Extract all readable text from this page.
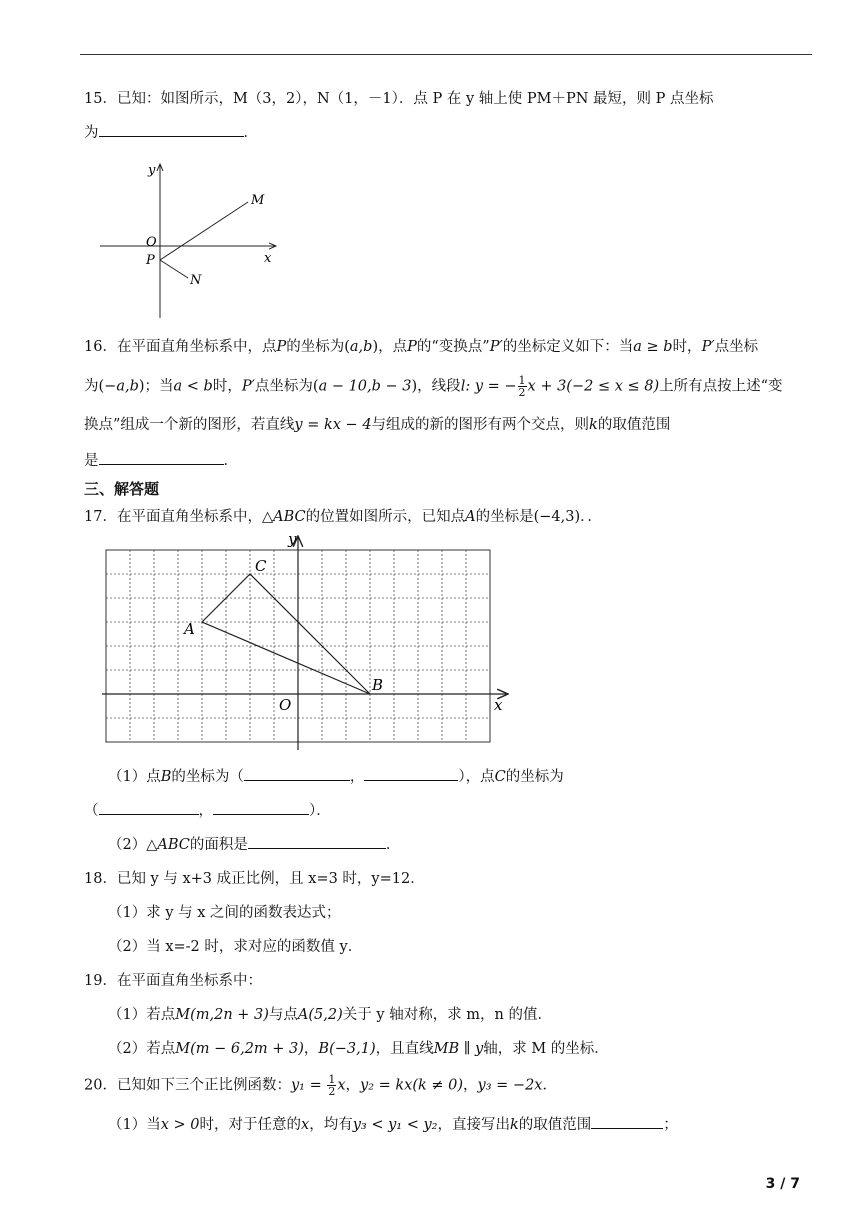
15．已知：如图所示，M（3，2），N（1，－1）．点 P 在 y 轴上使 PM＋PN 最短，则 P 点坐标
为	．
y
M
O
P	x
N
16．在平面直角坐标系中，点P的坐标为(a,b)，点P的“变换点”P′的坐标定义如下：当a ≥ b时，P′点坐标
为(−a,b)；当a < b时，P′点坐标为(a − 10,b − 3)，线段l: y = − $\frac{1}{2}$ x + 3(−2 ≤ x ≤ 8)上所有点按上述“变
换点”组成一个新的图形，若直线y = kx − 4与组成的新的图形有两个交点，则k的取值范围
是	．
三、解答题
17．在平面直角坐标系中，△ABC的位置如图所示，已知点A的坐标是(−4,3)．．
y
x
O
A
B
C
（1）点B的坐标为（	，	），点C的坐标为
（	，	）．
（2）△ABC的面积是	．
18．已知 y 与 x+3 成正比例，且 x=3 时，y=12．
（1）求 y 与 x 之间的函数表达式；
（2）当 x=-2 时，求对应的函数值 y．
19．在平面直角坐标系中：
（1）若点M(m,2n + 3)与点A(5,2)关于 y 轴对称，求 m，n 的值．
（2）若点M(m − 6,2m + 3)，B(−3,1)，且直线MB ∥ y轴，求 M 的坐标．
20．已知如下三个正比例函数：$y_1 = \frac{1}{2}$ x，y₂ = kx(k ≠ 0)，y₃ = −2x．
（1）当x > 0时，对于任意的x，均有y₃ < y₁ < y₂，直接写出k的取值范围	；
3 / 7
